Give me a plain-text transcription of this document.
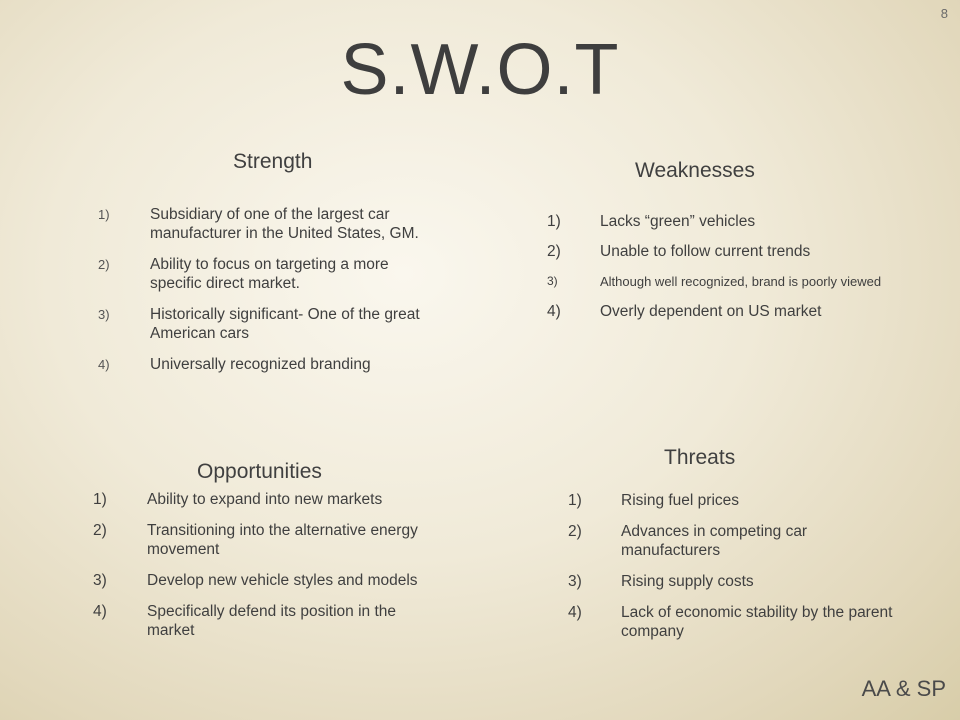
8
S.W.O.T
Strength
1)	Subsidiary of one of the largest car manufacturer in the United States, GM.
2)	Ability to focus on targeting a more specific direct market.
3)	Historically significant- One of the great American cars
4)	Universally recognized branding
Weaknesses
1)	Lacks “green” vehicles
2)	Unable to follow current trends
3)	Although well recognized, brand is poorly viewed
4)	Overly dependent on US market
Opportunities
1)	Ability to expand into new markets
2)	Transitioning into the alternative energy movement
3)	Develop new vehicle styles and models
4)	Specifically defend its position in the market
Threats
1)	Rising fuel prices
2)	Advances in competing car manufacturers
3)	Rising supply costs
4)	Lack of economic stability by the parent company
AA & SP
